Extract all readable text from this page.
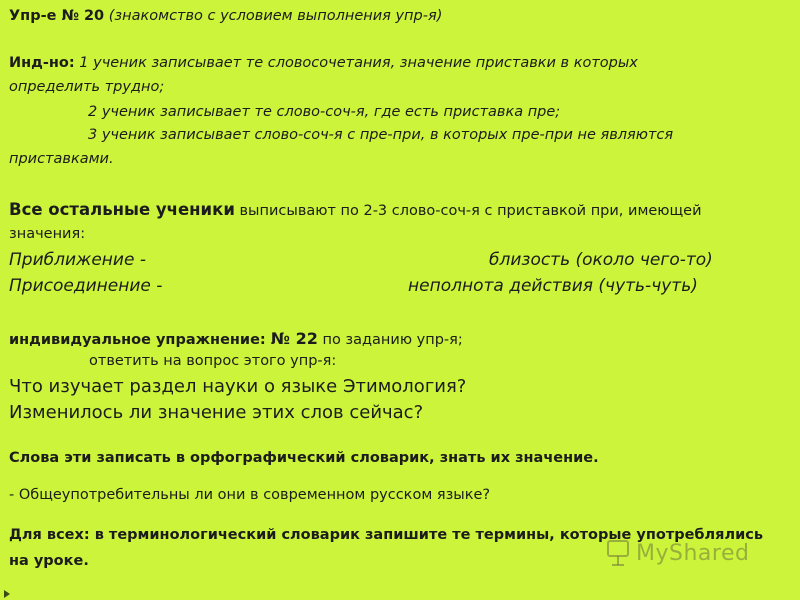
Упр-е № 20 (знакомство с условием выполнения упр-я)
Инд-но: 1 ученик записывает те словосочетания, значение приставки в которых
определить трудно;
2 ученик записывает те слово-соч-я, где есть приставка пре;
3 ученик записывает слово-соч-я с пре-при, в которых пре-при не являются
приставками.
Все остальные ученики выписывают по 2-3 слово-соч-я с приставкой при, имеющей
значения:
Приближение -	близость (около чего-то)
Присоединение -	неполнота действия (чуть-чуть)
индивидуальное упражнение: № 22 по заданию упр-я;
ответить на вопрос этого упр-я:
Что изучает раздел науки о языке Этимология?
Изменилось ли значение этих слов сейчас?
Слова эти записать в орфографический словарик, знать их значение.
- Общеупотребительны ли они в современном русском языке?
Для всех: в терминологический словарик запишите те термины, которые употреблялись
на уроке.	MyShared
